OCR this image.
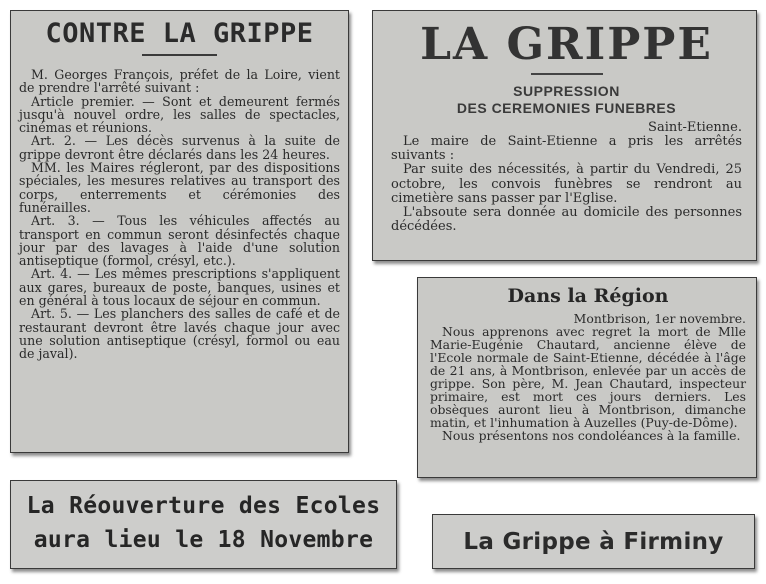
CONTRE LA GRIPPE

M. Georges François, préfet de la Loire, vient de prendre l'arrêté suivant :

Article premier. — Sont et demeurent fermés jusqu'à nouvel ordre, les salles de spectacles, cinémas et réunions.

Art. 2. — Les décès survenus à la suite de grippe devront être déclarés dans les 24 heures.

MM. les Maires régleront, par des dispositions spéciales, les mesures relatives au transport des corps, enterrements et cérémonies des funérailles.

Art. 3. — Tous les véhicules affectés au transport en commun seront désinfectés chaque jour par des lavages à l'aide d'une solution antiseptique (formol, crésyl, etc.).

Art. 4. — Les mêmes prescriptions s'appliquent aux gares, bureaux de poste, banques, usines et en général à tous locaux de séjour en commun.

Art. 5. — Les planchers des salles de café et de restaurant devront être lavés chaque jour avec une solution antiseptique (crésyl, formol ou eau de javal).

LA GRIPPE
SUPPRESSION
DES CEREMONIES FUNEBRES
Saint-Etienne.

Le maire de Saint-Etienne a pris les arrêtés suivants :

Par suite des nécessités, à partir du Vendredi, 25 octobre, les convois funèbres se rendront au cimetière sans passer par l'Eglise.

L'absoute sera donnée au domicile des personnes décédées.

Dans la Région
Montbrison, 1er novembre.

Nous apprenons avec regret la mort de Mlle Marie-Eugénie Chautard, ancienne élève de l'Ecole normale de Saint-Etienne, décédée à l'âge de 21 ans, à Montbrison, enlevée par un accès de grippe. Son père, M. Jean Chautard, inspecteur primaire, est mort ces jours derniers. Les obsèques auront lieu à Montbrison, dimanche matin, et l'inhumation à Auzelles (Puy-de-Dôme).

Nous présentons nos condoléances à la famille.

La Réouverture des Ecoles
aura lieu le 18 Novembre	La Grippe à Firminy
